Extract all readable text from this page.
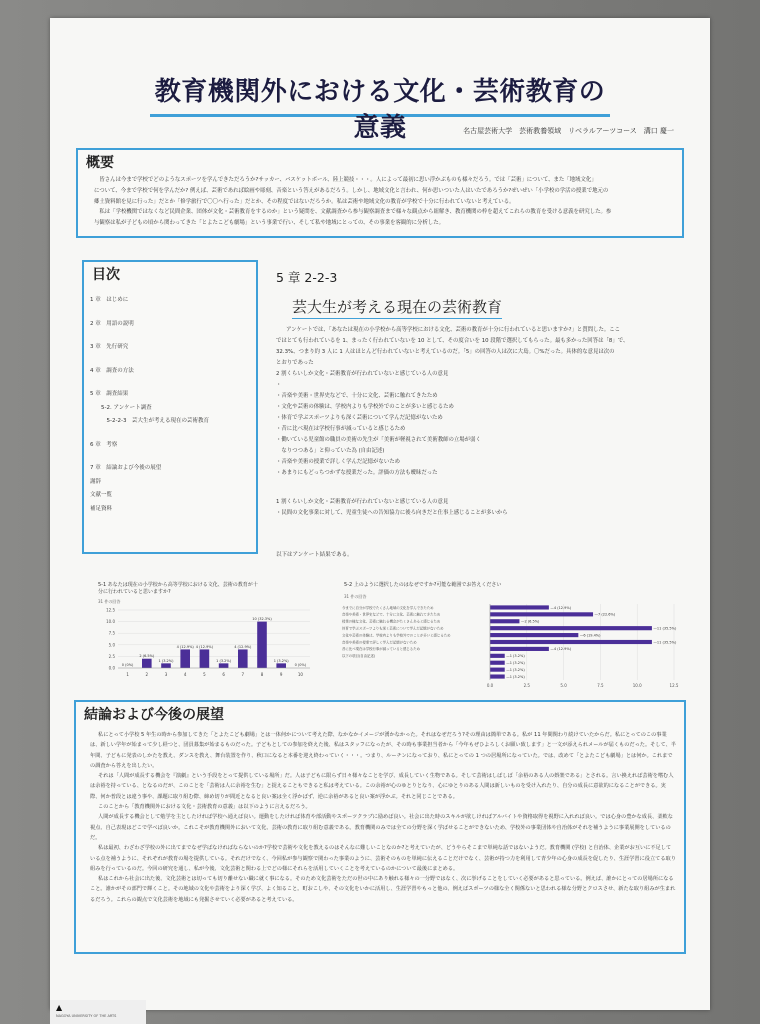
教育機関外における文化・芸術教育の意義	名古屋芸術大学　芸術教養領域　リベラルアーツコース　溝口 慶一
概要
　皆さんは今まで学校でどのようなスポーツを学んできただろうか?サッカー、バスケットボール、陸上競技・・・。人によって最初に思い浮かぶものも様々だろう。では「芸術」について、また「地域文化」
について、今まで学校で何を学んだか? 例えば、芸術であれば絵画や彫刻、音楽という答えがあるだろう。しかし、地域文化と言われ、何か思いついた人はいたであろうか?ぜいぜい「小学校の学活の授業で地元の
郷土資料館を見に行った」だとか「修学旅行で〇〇へ行った」だとか、その程度ではないだろうか。私は芸術や地域文化の教育が学校で十分に行われていないと考えている。
　私は「学校機関ではなくなど民間企業、団体が文化・芸術教育をするのか」という疑問を、文献調査から参与観察調査まで様々な観点から紐解き、教育機関の枠を超えてこれらの教育を受ける意義を研究した。参
与観察は私が子どもの頃から関わってきた「とよたこども劇場」という事業で行い、そして私や地域にとっての、その事業を客観的に分析した。
目次
1 章　はじめに
2 章　用語の説明
3 章　先行研究
4 章　調査の方法
5 章　調査結果
　　5-2. アンケート調査
　　　5-2-2-3　芸大生が考える現在の芸術教育
6 章　考察
7 章　結論および今後の展望
謝辞
文献一覧
補足資料
5 章 2-2-3
芸大生が考える現在の芸術教育
アンケートでは、「あなたは現在の小学校から高等学校における文化、芸術の教育が十分に行われていると思いますか?」と質問した。ここ
ではとても行われているを 1、まったく行われていないを 10 として、その度合いを 10 段階で選択してもらった。最も多かった回答は「8」で、
32.3%、つまり約 3 人に 1 人はほとんど行われていないと考えているのだ。「5」の回答の人は次に大島。〇%だった。具体的な意見は次の
とおりであった
2 割くらいしか文化・芸術教育が行われていないと感じている人の意見
・
・音楽や美術・世界史などで、十分に文化、芸術に触れてきたため
・文化や芸術の体験は、学校内よりも学校外でのことが多いと感じるため
・体育で学ぶスポーツよりも深く芸術について学んだ記憶がないため
・昔に比べ現在は学校行事が減っていると感じるため
・働いている児童館の職員の美術の先生が「美術が軽視されて美術教師の立場が弱く
　なりつつある」と仰っていた為 (自由記述)
・音楽や美術の授業で詳しく学んだ記憶がないため
・あまりにもどっちつかずな授業だった。評価の方法も曖昧だった
1 割くらいしか文化・芸術教育が行われていないと感じている人の意見
・民間の文化事業に対して、児童生徒への告知協力に後ろ向きだと仕事上感じることが多いから
以下はアンケート結果である。
5-1 あなたは現在の小学校から高等学校における文化、芸術の教育が十分に行われていると思いますか?
31 件の回答
0.0
2.5
5.0
7.5
10.0
12.5
0 (0%)
1
2 (6.5%)
2
1 (3.2%)
3
4 (12.9%)
4
4 (12.9%)
5
1 (3.2%)
6
4 (12.9%)
7
10 (32.3%)
8
1 (3.2%)
9
0 (0%)
10
5-2 上のように選択したのはなぜですか?可能な範囲でお答えください
31 件の回答
0.0	2.5	5.0	7.5	10.0	12.5
—4 (12.9%)
今までに自分が学校でたくさん地域の文化を学んできたため
—7 (22.6%)
音楽や美術・世界史などで、十分に文化、芸術に触れてきたため
—2 (6.5%)
授業の様な文化、芸術に触れる機会がたくさんあると感じるため
—11 (35.5%)
体育で学ぶスポーツよりも深く芸術について学んだ記憶がないため
—6 (19.4%)
文化や芸術の体験は、学校内よりも学校外でのことが多いと感じるため
—11 (35.5%)
音楽や美術の授業で詳しく学んだ記憶がないため
—4 (12.9%)
昔に比べ現在は学校行事が減っていると感じるため
—1 (3.2%)
以下の項目(自由記述)
—1 (3.2%)
—1 (3.2%)
—1 (3.2%)
結論および今後の展望

私にとって小学校 5 年生の時から参加してきた「とよたこども劇場」とは一体何かについて考えた際、なかなかイメージが湧かなかった。それはなぜだろう?その理由は簡単である。私が 11 年間関わり続けていたからだ。私にとってのこの事業は、新しい学年が始まって少し経つと、団員募集が始まるものだった。子どもとしての参加を終えた後、私はスタッフになったが、その時も事業担当者から「今年もぜひよろしくお願い致します」と一文が添えられメールが届くものだった。そして、半年間、子どもに発表のしかたを教え、ダンスを教え、舞台装置を作り、秋口になると本番を迎え終わっていく・・・。つまり、ルーチンになっており、私にとっての 1 つの居場所になっていた。では、改めて「とよたこども劇場」とは何か。これまでの調査から答えを出したい。

それは「人間が成長する機会を『演劇』という手段をとって提供している場所」だ。人は子どもに限らず日々様々なことを学び、成長していく生物である。そして芸術はしばしば「余裕のある人の娯楽である」とされる。言い換えれば芸術を嗜む人は余裕を持っている、となるのだが、このことを「芸術は人に余裕を生む」と捉えることもできると私は考えている。この余裕が心のゆとりとなり、心にゆとりのある人間は新しいものを受け入れたり、自分の成長に意欲的になることができる。実際、何か普段とは違う事や、課題に取り組む際、締め切りが間近となると良い案は全く浮かばず、逆に余裕があると良い案が浮かぶ。それと同じことである。

このことから「教育機関外における文化・芸術教育の意義」は以下のように言えるだろう。

人間が成長する機会として勉学を主としたければ学校へ通えば良い。運動をしたければ体育や部活動やスポーツクラブに励めば良い。社会に出た時のスキルが欲しければアルバイトや資格取得を視野に入れれば良い。では心身の豊かな成長、柔軟な視点、自己表現はどこで学べば良いか。これこそが教育機関外において文化、芸術の教育に取り組む意義である。教育機関のみでは全ての分野を深く学ばせることができないため、学校外の事業団体や自治体がそれを補うように事業展開をしているのだ。

私は最初、わざわざ学校の外に出てまでなぜ学ばなければならないのか?学校で芸術や文化を教えるのはそんなに難しいことなのか?と考えていたが、どうやらそこまで単純な話ではないようだ。教育機関 (学校) と自治体、企業がお互いに不足している点を補うように、それぞれが教育の場を提供している。それだけでなく、今回私が参与観察で関わった事業のように、芸術そのものを単純に伝えることだけでなく、芸術が持つ力を利用して青少年の心身の成長を促したり、生涯学習に役立てる取り組みを行っているのだ。今回の研究を通し、私が今後、文化芸術と関わる上でどの様にそれらを活用していくことを考えているのかについて最後にまとめる。

私はこれから社会に出た後、文化芸術とは切っても切り離せない職に就く事になる。そのため文化芸術をただの世の中にあり触れる様々の一分野ではなく、次に挙げることをしていく必要があると思っている。例えば、誰かにとっての居場所になること。誰かがその部門で輝くこと。その地域の文化や芸術をより深く学び、よく知ること。町おこしや、その文化をいかに活用し、生涯学習やもっと他の、例えばスポーツの様な全く関係ないと思われる様な分野とクロスさせ、新たな取り組みが生まれるだろう。これらの観点で文化芸術を地域にも発掘させていく必要があると考えている。

▲
NAGOYA UNIVERSITY OF THE ARTS
